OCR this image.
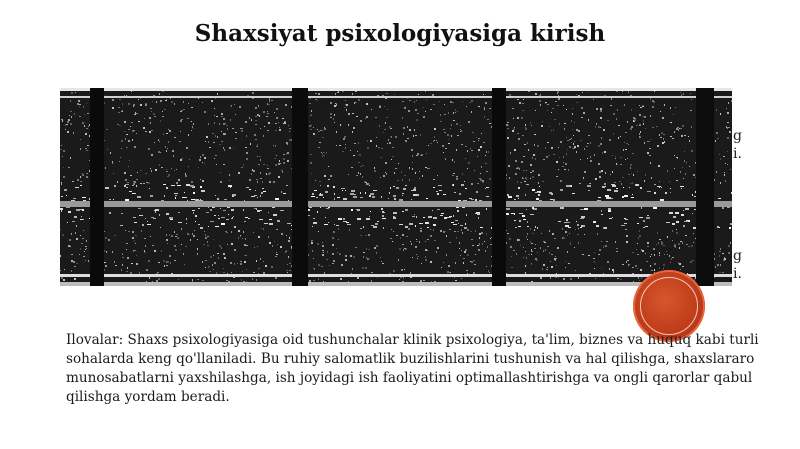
Shaxsiyat psixologiyasiga kirish
g
i.
g
i.

Ilovalar: Shaxs psixologiyasiga oid tushunchalar klinik psixologiya, ta'lim, biznes va huquq kabi turli sohalarda keng qo'llaniladi. Bu ruhiy salomatlik buzilishlarini tushunish va hal qilishga, shaxslararo munosabatlarni yaxshilashga, ish joyidagi ish faoliyatini optimallashtirishga va ongli qarorlar qabul qilishga yordam beradi.
